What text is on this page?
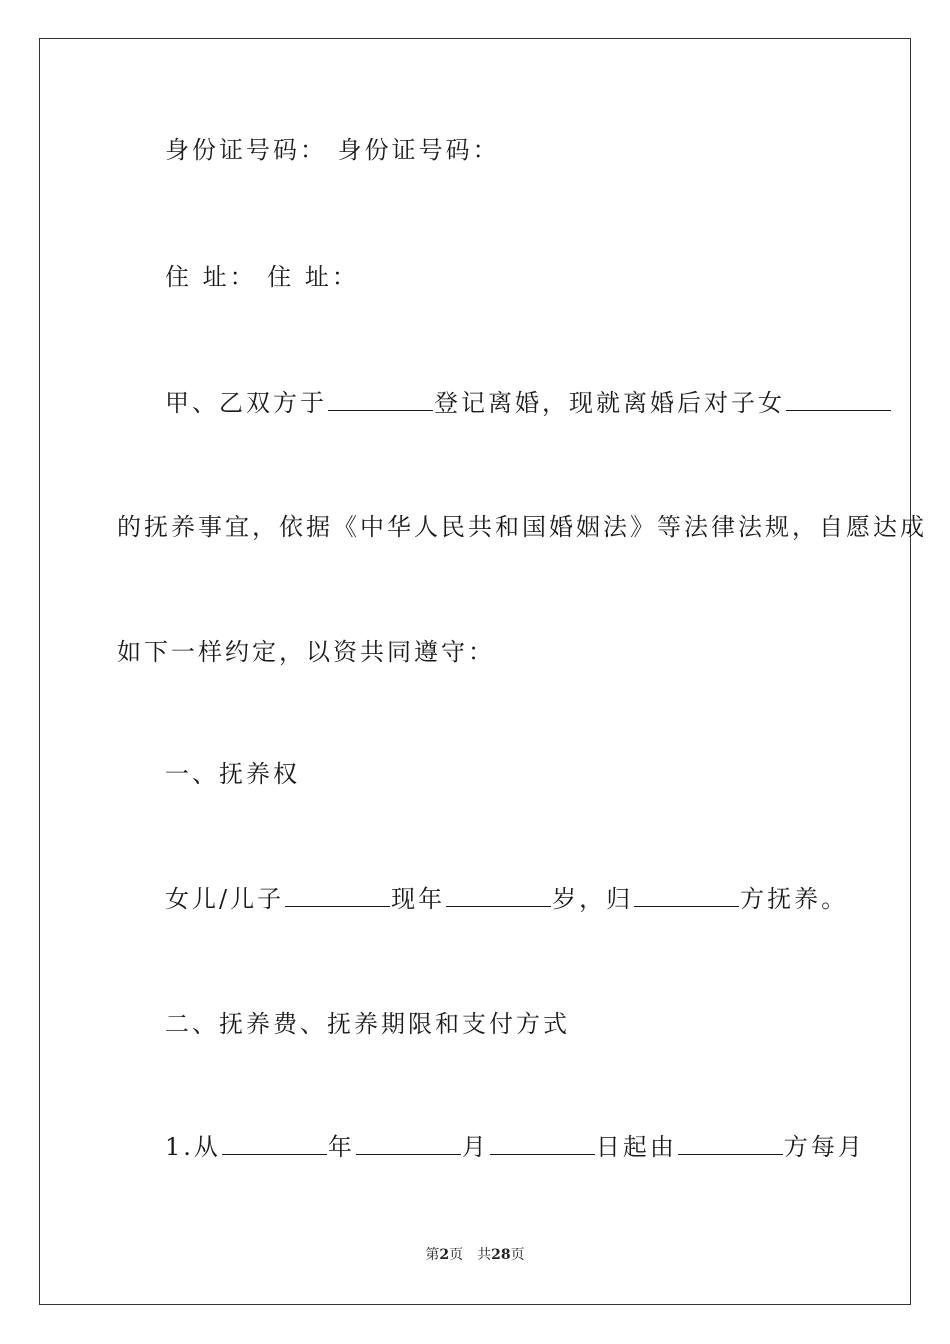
身份证号码： 身份证号码：
住 址： 住 址：
甲、乙双方于	登记离婚，现就离婚后对子女
的抚养事宜，依据《中华人民共和国婚姻法》等法律法规，自愿达成
如下一样约定，以资共同遵守：
一、抚养权
女儿/儿子	现年	岁，归	方抚养。
二、抚养费、抚养期限和支付方式
1.从	年	月	日起由	方每月
第2页 共28页
